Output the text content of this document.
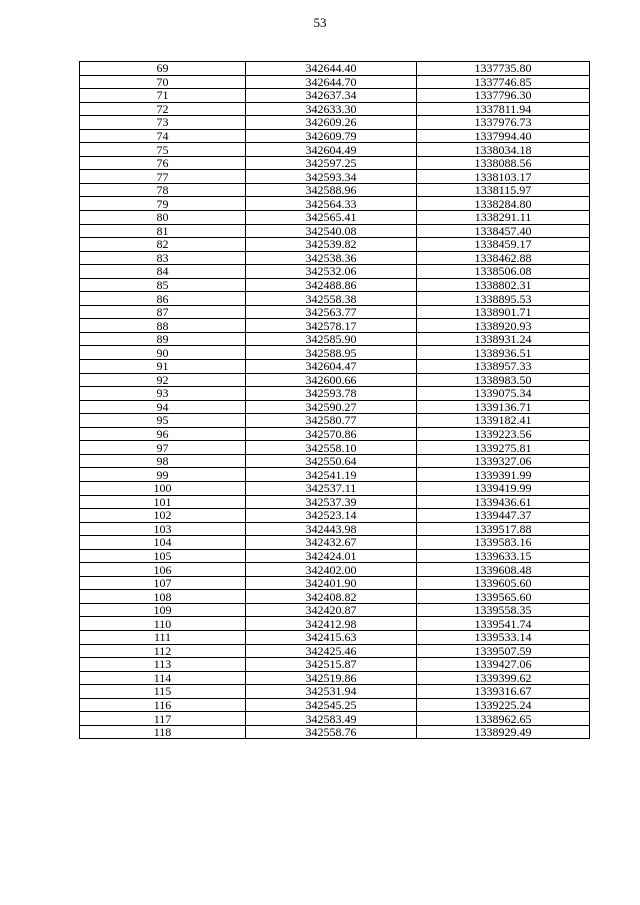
53
69	342644.40	1337735.80
70	342644.70	1337746.85
71	342637.34	1337796.30
72	342633.30	1337811.94
73	342609.26	1337976.73
74	342609.79	1337994.40
75	342604.49	1338034.18
76	342597.25	1338088.56
77	342593.34	1338103.17
78	342588.96	1338115.97
79	342564.33	1338284.80
80	342565.41	1338291.11
81	342540.08	1338457.40
82	342539.82	1338459.17
83	342538.36	1338462.88
84	342532.06	1338506.08
85	342488.86	1338802.31
86	342558.38	1338895.53
87	342563.77	1338901.71
88	342578.17	1338920.93
89	342585.90	1338931.24
90	342588.95	1338936.51
91	342604.47	1338957.33
92	342600.66	1338983.50
93	342593.78	1339075.34
94	342590.27	1339136.71
95	342580.77	1339182.41
96	342570.86	1339223.56
97	342558.10	1339275.81
98	342550.64	1339327.06
99	342541.19	1339391.99
100	342537.11	1339419.99
101	342537.39	1339436.61
102	342523.14	1339447.37
103	342443.98	1339517.88
104	342432.67	1339583.16
105	342424.01	1339633.15
106	342402.00	1339608.48
107	342401.90	1339605.60
108	342408.82	1339565.60
109	342420.87	1339558.35
110	342412.98	1339541.74
111	342415.63	1339533.14
112	342425.46	1339507.59
113	342515.87	1339427.06
114	342519.86	1339399.62
115	342531.94	1339316.67
116	342545.25	1339225.24
117	342583.49	1338962.65
118	342558.76	1338929.49
